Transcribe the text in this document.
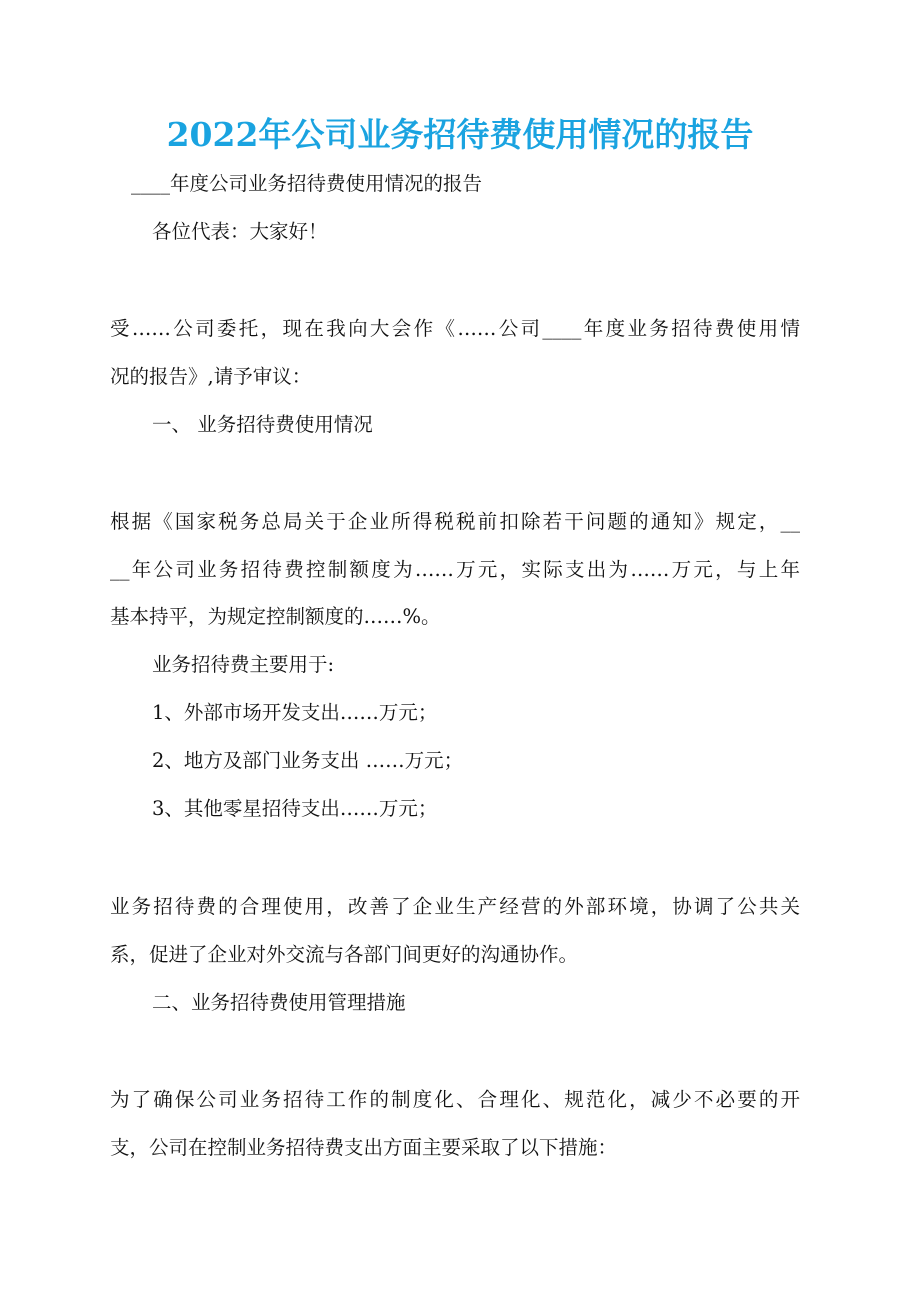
2022年公司业务招待费使用情况的报告
____年度公司业务招待费使用情况的报告
各位代表：大家好！
受……公司委托，现在我向大会作《……公司____年度业务招待费使用情
况的报告》,请予审议：
一、 业务招待费使用情况
根据《国家税务总局关于企业所得税税前扣除若干问题的通知》规定，__
__年公司业务招待费控制额度为……万元，实际支出为……万元，与上年
基本持平，为规定控制额度的……%。
业务招待费主要用于:
1、外部市场开发支出……万元；
2、地方及部门业务支出 ……万元；
3、其他零星招待支出……万元；
业务招待费的合理使用，改善了企业生产经营的外部环境，协调了公共关
系，促进了企业对外交流与各部门间更好的沟通协作。
二、业务招待费使用管理措施
为了确保公司业务招待工作的制度化、合理化、规范化，减少不必要的开
支，公司在控制业务招待费支出方面主要采取了以下措施：
